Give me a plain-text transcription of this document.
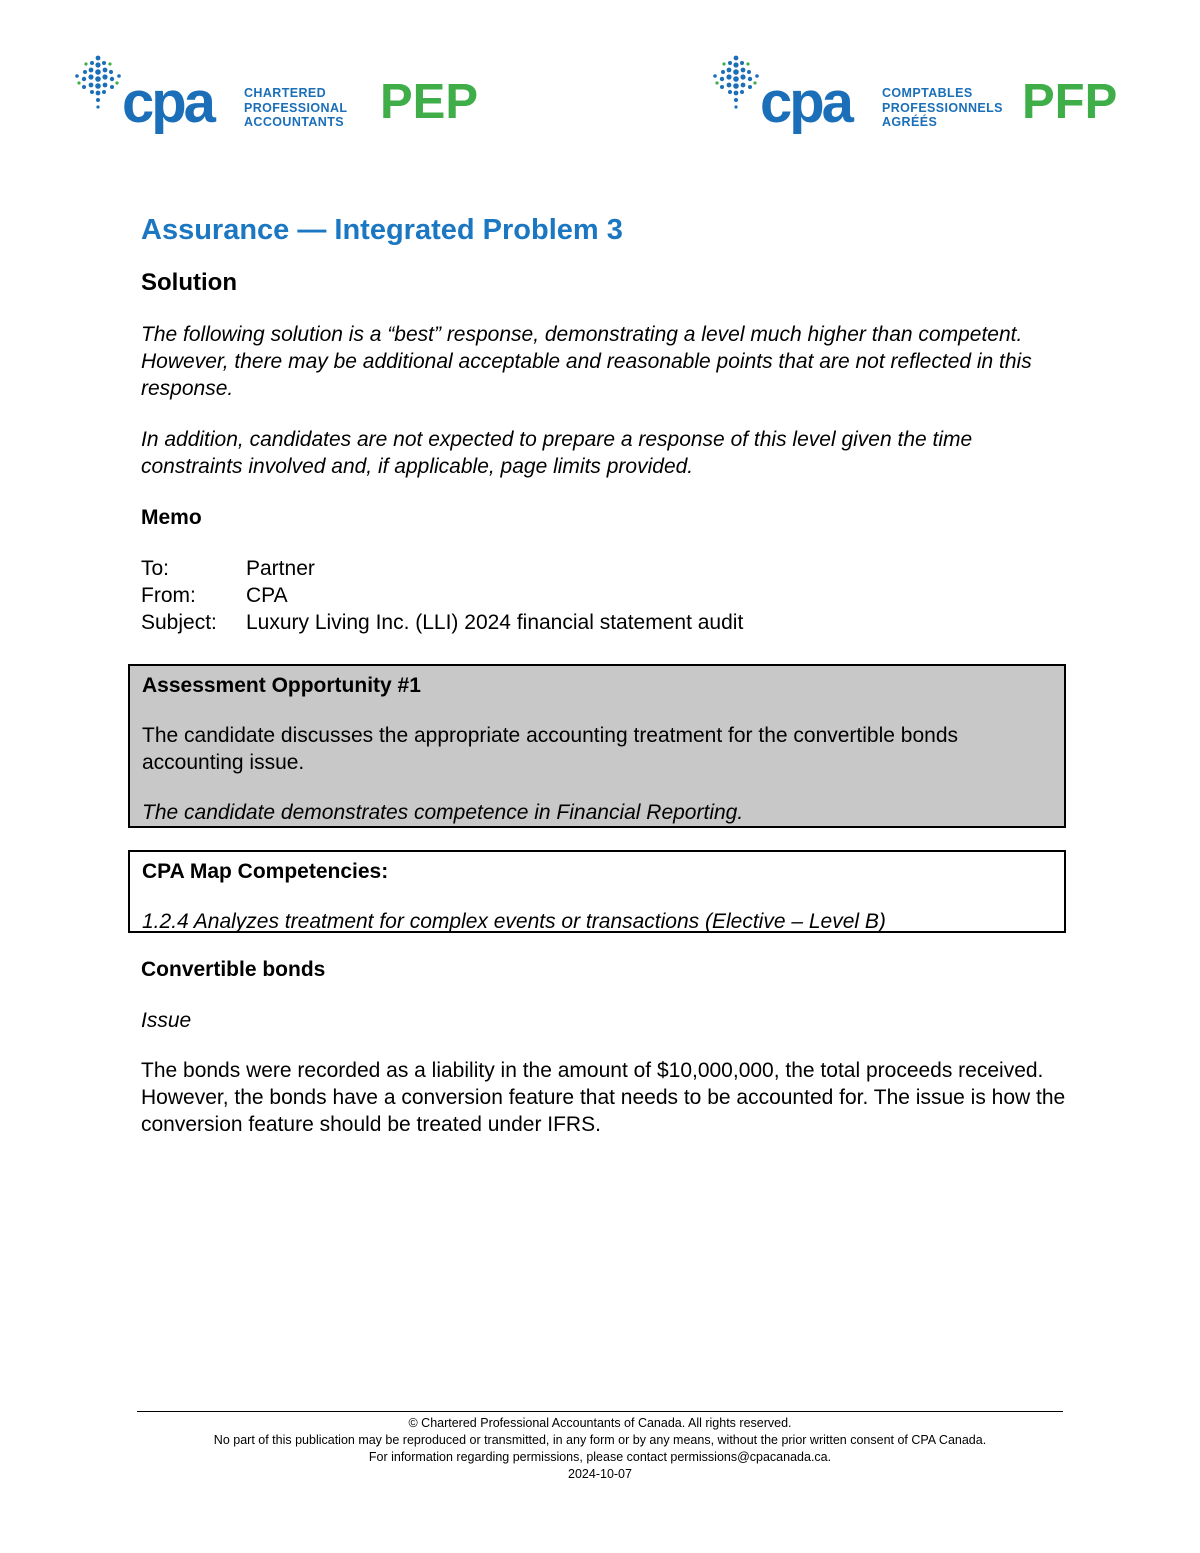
cpa CHARTERED
PROFESSIONAL
ACCOUNTANTS PEP	cpa COMPTABLES
PROFESSIONNELS
AGRÉÉS	PFP
Assurance — Integrated Problem 3
Solution

The following solution is a “best” response, demonstrating a level much higher than competent. However, there may be additional acceptable and reasonable points that are not reflected in this response.

In addition, candidates are not expected to prepare a response of this level given the time constraints involved and, if applicable, page limits provided.

Memo

To:	Partner
From:	CPA
Subject:	Luxury Living Inc. (LLI) 2024 financial statement audit

Assessment Opportunity #1

The candidate discusses the appropriate accounting treatment for the convertible bonds accounting issue.

The candidate demonstrates competence in Financial Reporting.

CPA Map Competencies:

1.2.4 Analyzes treatment for complex events or transactions (Elective – Level B)

Convertible bonds

Issue

The bonds were recorded as a liability in the amount of $10,000,000, the total proceeds received. However, the bonds have a conversion feature that needs to be accounted for. The issue is how the conversion feature should be treated under IFRS.

© Chartered Professional Accountants of Canada. All rights reserved.
No part of this publication may be reproduced or transmitted, in any form or by any means, without the prior written consent of CPA Canada.
For information regarding permissions, please contact permissions@cpacanada.ca.
2024-10-07
